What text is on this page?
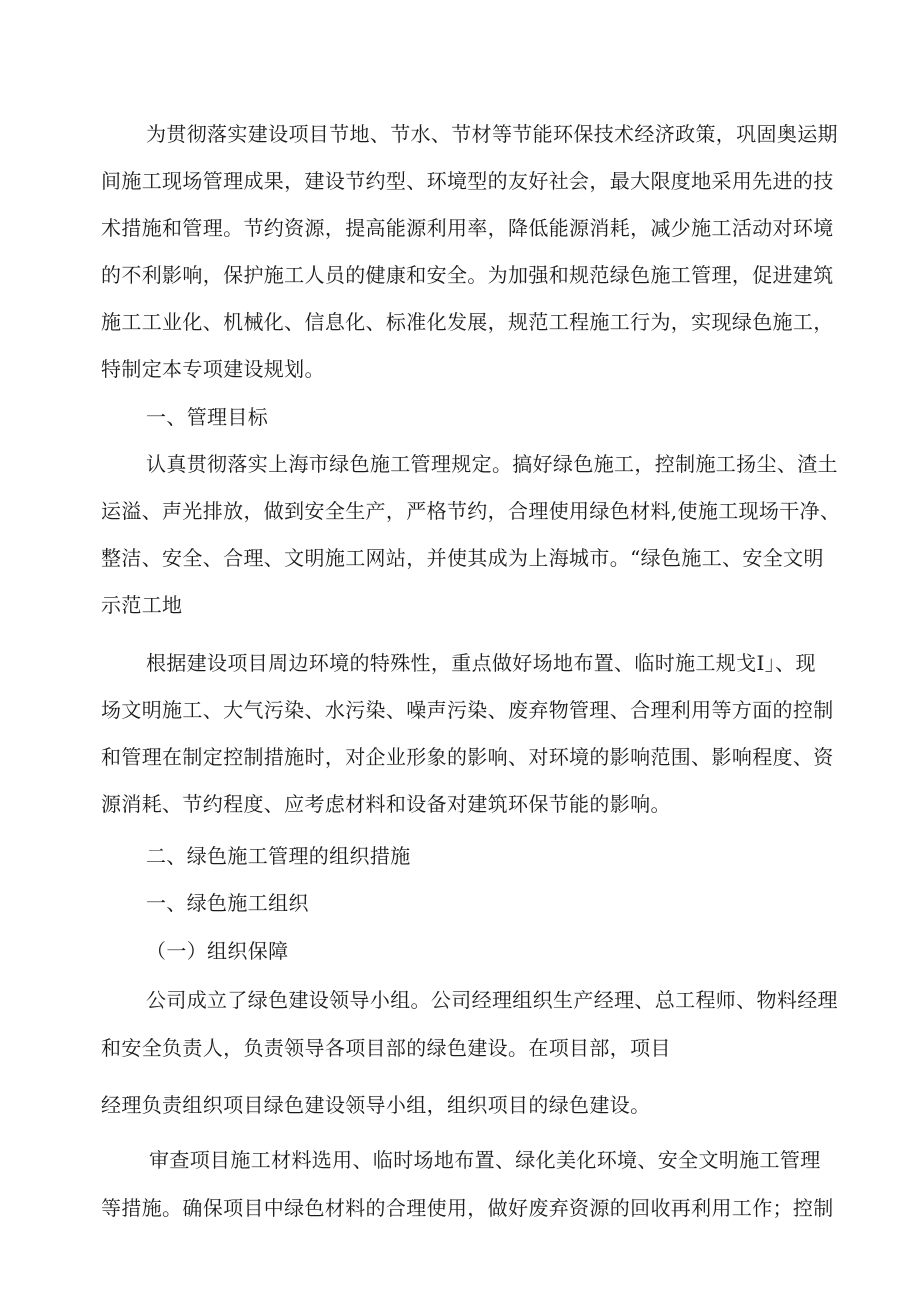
为贯彻落实建设项目节地、节水、节材等节能环保技术经济政策，巩固奥运期

间施工现场管理成果，建设节约型、环境型的友好社会，最大限度地采用先进的技

术措施和管理。节约资源，提高能源利用率，降低能源消耗，减少施工活动对环境

的不利影响，保护施工人员的健康和安全。为加强和规范绿色施工管理，促进建筑

施工工业化、机械化、信息化、标准化发展，规范工程施工行为，实现绿色施工，

特制定本专项建设规划。

一、管理目标

认真贯彻落实上海市绿色施工管理规定。搞好绿色施工，控制施工扬尘、渣土

运溢、声光排放，做到安全生产，严格节约，合理使用绿色材料,使施工现场干净、

整洁、安全、合理、文明施工网站，并使其成为上海城市。“绿色施工、安全文明

示范工地

根据建设项目周边环境的特殊性，重点做好场地布置、临时施工规戈I」、现

场文明施工、大气污染、水污染、噪声污染、废弃物管理、合理利用等方面的控制

和管理在制定控制措施时，对企业形象的影响、对环境的影响范围、影响程度、资

源消耗、节约程度、应考虑材料和设备对建筑环保节能的影响。

二、绿色施工管理的组织措施

一、绿色施工组织

（一）组织保障

公司成立了绿色建设领导小组。公司经理组织生产经理、总工程师、物料经理

和安全负责人，负责领导各项目部的绿色建设。在项目部，项目

经理负责组织项目绿色建设领导小组，组织项目的绿色建设。

审查项目施工材料选用、临时场地布置、绿化美化环境、安全文明施工管理

等措施。确保项目中绿色材料的合理使用，做好废弃资源的回收再利用工作；控制
